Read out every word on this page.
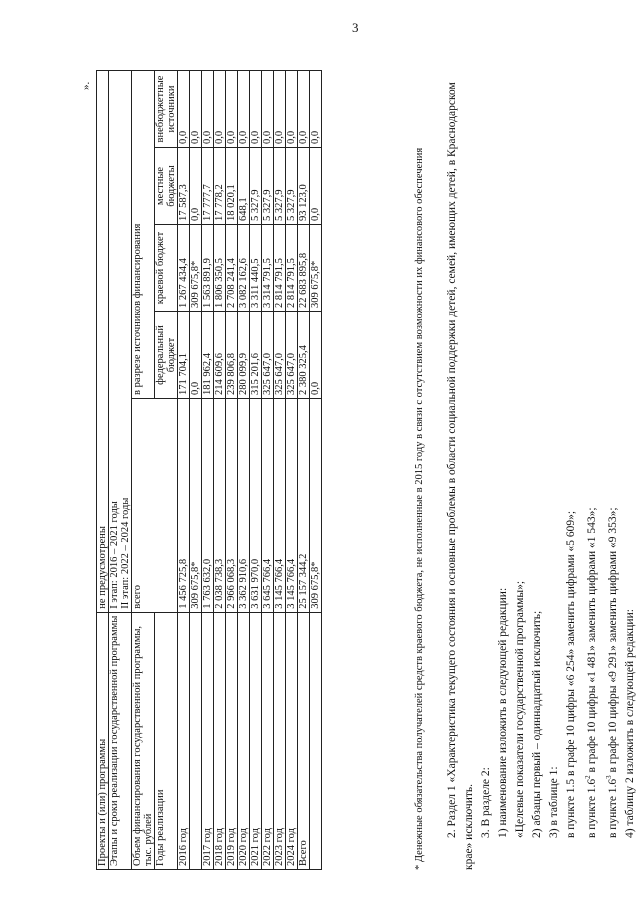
3
».
Проекты и (или) программы	не предусмотрены				
Этапы и сроки реализации государственной программы	I этап: 2016 – 2021 годы II этап: 2022 – 2024 годы				

Объем финансирования государственной программы, тыс. рублей	всего	в разрезе источников финансирования			
Годы реализации		федеральный бюджет	краевой бюджет	местные бюджеты	внебюджетные источники
2016 год	1 456 725,8	171 704,1	1 267 434,4	17 587,3	0,0
	309 675,8*	0,0	309 675,8*	0,0	0,0
2017 год	1 763 632,0	181 962,4	1 563 891,9	17 777,7	0,0
2018 год	2 038 738,3	214 609,6	1 806 350,5	17 778,2	0,0
2019 год	2 966 068,3	239 806,8	2 708 241,4	18 020,1	0,0
2020 год	3 362 910,6	280 099,9	3 082 162,6	648,1	0,0
2021 год	3 631 970,0	315 201,6	3 311 440,5	5 327,9	0,0
2022 год	3 645 766,4	325 647,0	3 314 791,5	5 327,9	0,0
2023 год	3 145 766,4	325 647,0	2 814 791,5	5 327,9	0,0
2024 год	3 145 766,4	325 647,0	2 814 791,5	5 327,9	0,0
Всего	25 157 344,2	2 380 325,4	22 683 895,8	93 123,0	0,0
	309 675,8*	0,0	309 675,8*	0,0	0,0
* Денежные обязательства получателей средств краевого бюджета, не исполненные в 2015 году в связи с отсутствием возможности их финансового обеспечения 2. Раздел 1 «Характеристика текущего состояния и основные проблемы в области социальной поддержки детей, семей, имеющих детей, в Краснодарском крае» исключить. 3. В разделе 2: 1) наименование изложить в следующей редакции: «Целевые показатели государственной программы»; 2) абзацы первый – одиннадцатый исключить; 3) в таблице 1: в пункте 1.5 в графе 10 цифры «6 254» заменить цифрами «5 609»; в пункте $1.6^2$ в графе 10 цифры «1 481» заменить цифрами «1 543»;

в пункте $1.6^3$ в графе 10 цифры «9 291» заменить цифрами «9 353»; 4) таблицу 2 изложить в следующей редакции:
